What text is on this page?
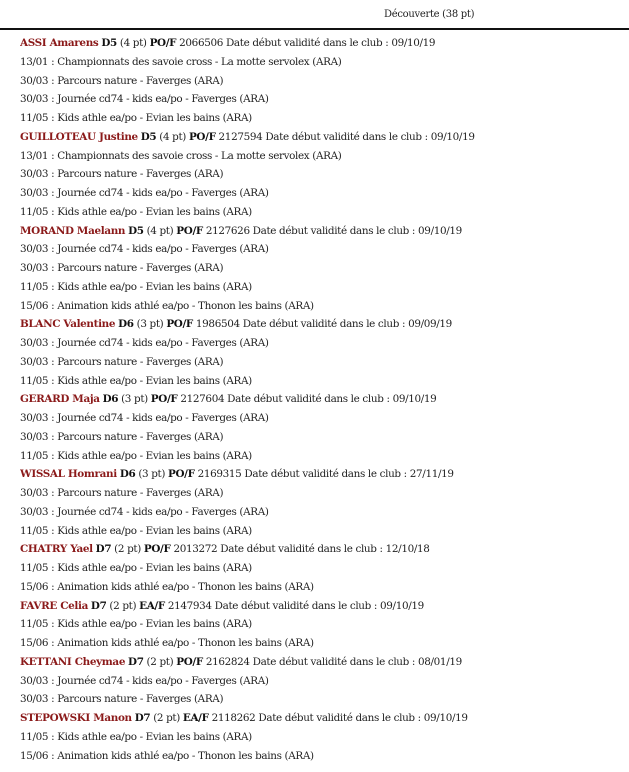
Découverte (38 pt)
ASSI Amarens D5 (4 pt) PO/F 2066506 Date début validité dans le club : 09/10/19
13/01 : Championnats des savoie cross - La motte servolex (ARA)
30/03 : Parcours nature - Faverges (ARA)
30/03 : Journée cd74 - kids ea/po - Faverges (ARA)
11/05 : Kids athle ea/po - Evian les bains (ARA)
GUILLOTEAU Justine D5 (4 pt) PO/F 2127594 Date début validité dans le club : 09/10/19
13/01 : Championnats des savoie cross - La motte servolex (ARA)
30/03 : Parcours nature - Faverges (ARA)
30/03 : Journée cd74 - kids ea/po - Faverges (ARA)
11/05 : Kids athle ea/po - Evian les bains (ARA)
MORAND Maelann D5 (4 pt) PO/F 2127626 Date début validité dans le club : 09/10/19
30/03 : Journée cd74 - kids ea/po - Faverges (ARA)
30/03 : Parcours nature - Faverges (ARA)
11/05 : Kids athle ea/po - Evian les bains (ARA)
15/06 : Animation kids athlé ea/po - Thonon les bains (ARA)
BLANC Valentine D6 (3 pt) PO/F 1986504 Date début validité dans le club : 09/09/19
30/03 : Journée cd74 - kids ea/po - Faverges (ARA)
30/03 : Parcours nature - Faverges (ARA)
11/05 : Kids athle ea/po - Evian les bains (ARA)
GERARD Maja D6 (3 pt) PO/F 2127604 Date début validité dans le club : 09/10/19
30/03 : Journée cd74 - kids ea/po - Faverges (ARA)
30/03 : Parcours nature - Faverges (ARA)
11/05 : Kids athle ea/po - Evian les bains (ARA)
WISSAL Homrani D6 (3 pt) PO/F 2169315 Date début validité dans le club : 27/11/19
30/03 : Parcours nature - Faverges (ARA)
30/03 : Journée cd74 - kids ea/po - Faverges (ARA)
11/05 : Kids athle ea/po - Evian les bains (ARA)
CHATRY Yael D7 (2 pt) PO/F 2013272 Date début validité dans le club : 12/10/18
11/05 : Kids athle ea/po - Evian les bains (ARA)
15/06 : Animation kids athlé ea/po - Thonon les bains (ARA)
FAVRE Celia D7 (2 pt) EA/F 2147934 Date début validité dans le club : 09/10/19
11/05 : Kids athle ea/po - Evian les bains (ARA)
15/06 : Animation kids athlé ea/po - Thonon les bains (ARA)
KETTANI Cheymae D7 (2 pt) PO/F 2162824 Date début validité dans le club : 08/01/19
30/03 : Journée cd74 - kids ea/po - Faverges (ARA)
30/03 : Parcours nature - Faverges (ARA)
STEPOWSKI Manon D7 (2 pt) EA/F 2118262 Date début validité dans le club : 09/10/19
11/05 : Kids athle ea/po - Evian les bains (ARA)
15/06 : Animation kids athlé ea/po - Thonon les bains (ARA)
